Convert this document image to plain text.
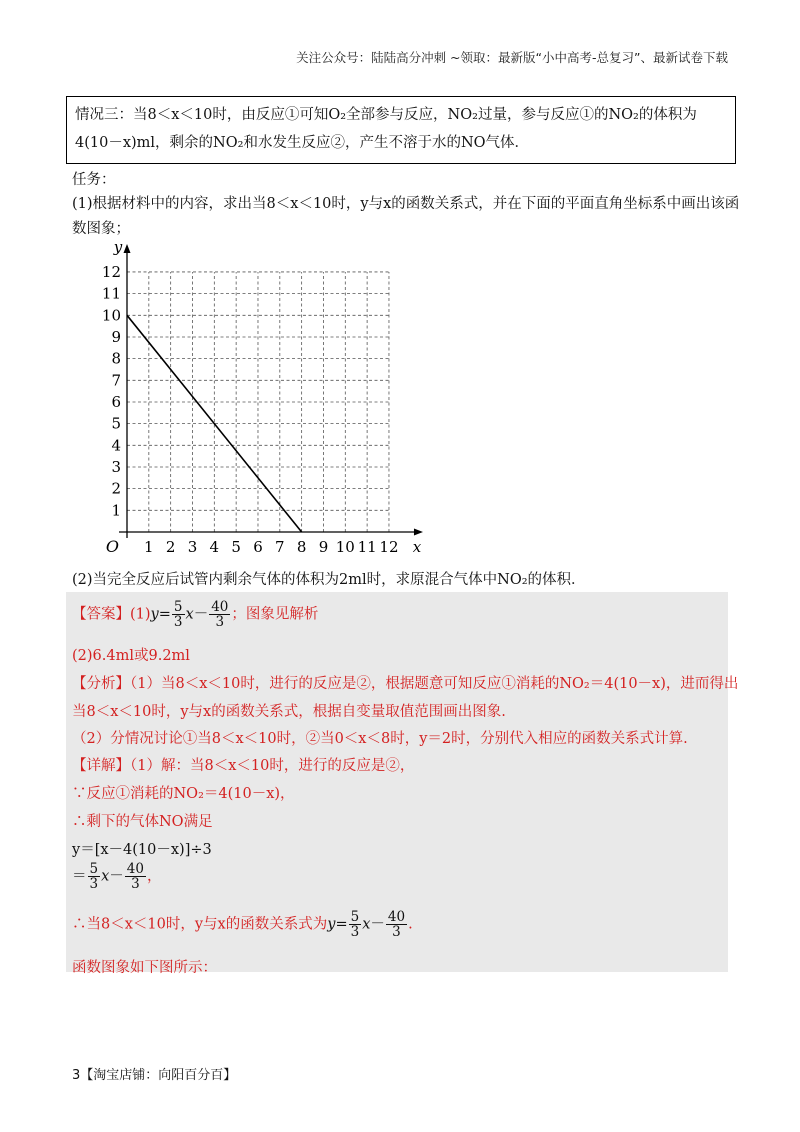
关注公众号：陆陆高分冲刺 ~领取：最新版“小中高考-总复习”、最新试卷下载
情况三：当8＜x＜10时，由反应①可知O₂全部参与反应，NO₂过量，参与反应①的NO₂的体积为
4(10－x)ml，剩余的NO₂和水发生反应②，产生不溶于水的NO气体．
任务：
(1)根据材料中的内容，求出当8＜x＜10时，y与x的函数关系式，并在下面的平面直角坐标系中画出该函
数图象；
1 2 3 4 5 6 7 8 9 10 11 12
1
2
3
4
5
6
7
8
9
10
11
12
O	x
y
(2)当完全反应后试管内剩余气体的体积为2ml时，求原混合气体中NO₂的体积．
【答案】$(1)y= \frac{5}{3} x- \frac{40}{3}$ ；图象见解析
(2)6.4ml或9.2ml
【分析】（1）当8＜x＜10时，进行的反应是②，根据题意可知反应①消耗的NO₂＝4(10－x)，进而得出
当8＜x＜10时，y与x的函数关系式，根据自变量取值范围画出图象.
（2）分情况讨论①当8＜x＜10时，②当0＜x＜8时，y＝2时，分别代入相应的函数关系式计算.
【详解】（1）解：当8＜x＜10时，进行的反应是②，
∵反应①消耗的NO₂＝4(10－x)，
∴剩下的气体NO满足
y＝[x－4(10－x)]÷3
＝ $\frac{5}{3} x- \frac{40}{3}$ ，
∴当8＜x＜10时，y与x的函数关系式为$y= \frac{5}{3} x- \frac{40}{3}$ .
函数图象如下图所示：
3【淘宝店铺：向阳百分百】
